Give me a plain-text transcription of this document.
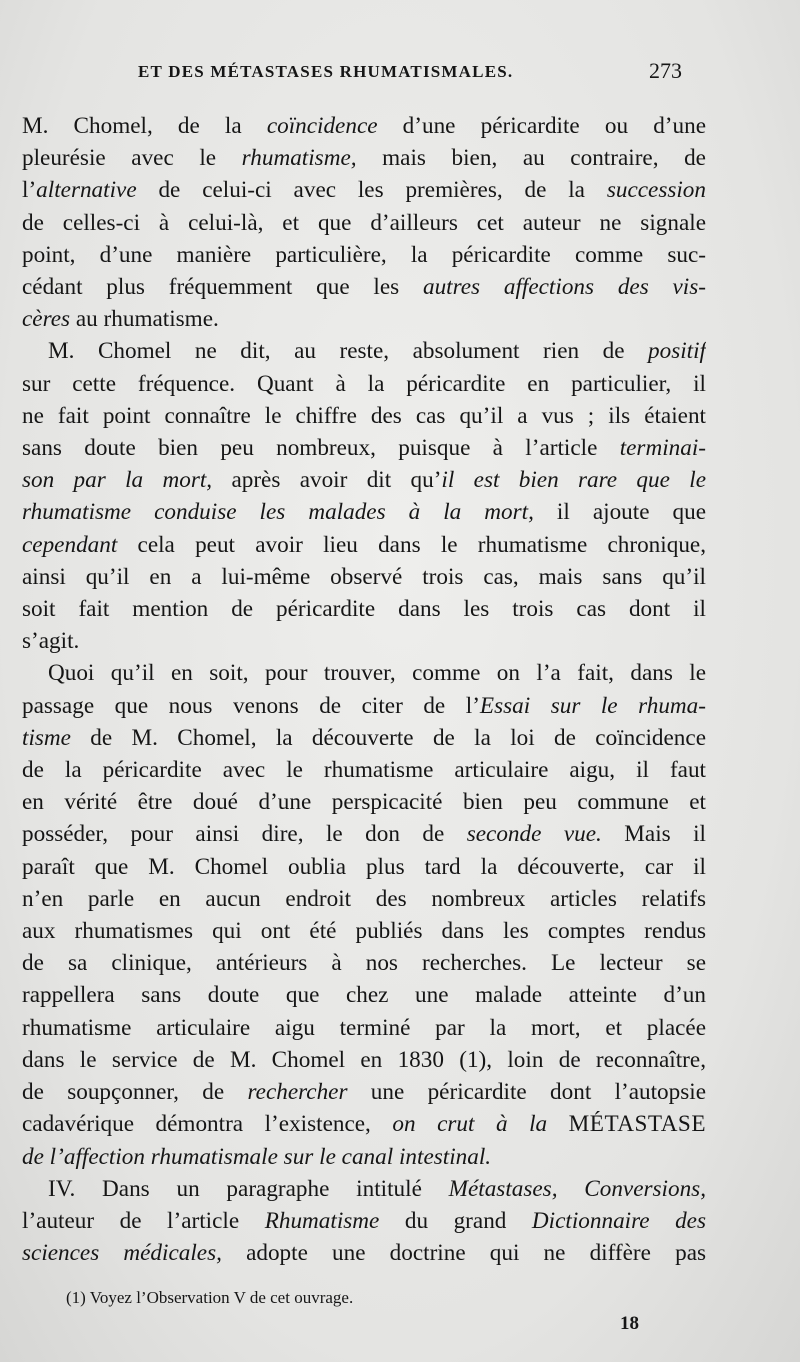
ET DES MÉTASTASES RHUMATISMALES.	273
M. Chomel, de la coïncidence d’une péricardite ou d’une
pleurésie avec le rhumatisme, mais bien, au contraire, de
l’alternative de celui-ci avec les premières, de la succession
de celles-ci à celui-là, et que d’ailleurs cet auteur ne signale
point, d’une manière particulière, la péricardite comme suc-
cédant plus fréquemment que les autres affections des vis-
cères au rhumatisme.
M. Chomel ne dit, au reste, absolument rien de positif
sur cette fréquence. Quant à la péricardite en particulier, il
ne fait point connaître le chiffre des cas qu’il a vus ; ils étaient
sans doute bien peu nombreux, puisque à l’article terminai-
son par la mort, après avoir dit qu’il est bien rare que le
rhumatisme conduise les malades à la mort, il ajoute que
cependant cela peut avoir lieu dans le rhumatisme chronique,
ainsi qu’il en a lui-même observé trois cas, mais sans qu’il
soit fait mention de péricardite dans les trois cas dont il
s’agit.
Quoi qu’il en soit, pour trouver, comme on l’a fait, dans le
passage que nous venons de citer de l’Essai sur le rhuma-
tisme de M. Chomel, la découverte de la loi de coïncidence
de la péricardite avec le rhumatisme articulaire aigu, il faut
en vérité être doué d’une perspicacité bien peu commune et
posséder, pour ainsi dire, le don de seconde vue. Mais il
paraît que M. Chomel oublia plus tard la découverte, car il
n’en parle en aucun endroit des nombreux articles relatifs
aux rhumatismes qui ont été publiés dans les comptes rendus
de sa clinique, antérieurs à nos recherches. Le lecteur se
rappellera sans doute que chez une malade atteinte d’un
rhumatisme articulaire aigu terminé par la mort, et placée
dans le service de M. Chomel en 1830 (1), loin de reconnaître,
de soupçonner, de rechercher une péricardite dont l’autopsie
cadavérique démontra l’existence, on crut à la MÉTASTASE
de l’affection rhumatismale sur le canal intestinal.
IV. Dans un paragraphe intitulé Métastases, Conversions,
l’auteur de l’article Rhumatisme du grand Dictionnaire des
sciences médicales, adopte une doctrine qui ne diffère pas
(1) Voyez l’Observation V de cet ouvrage.
18
